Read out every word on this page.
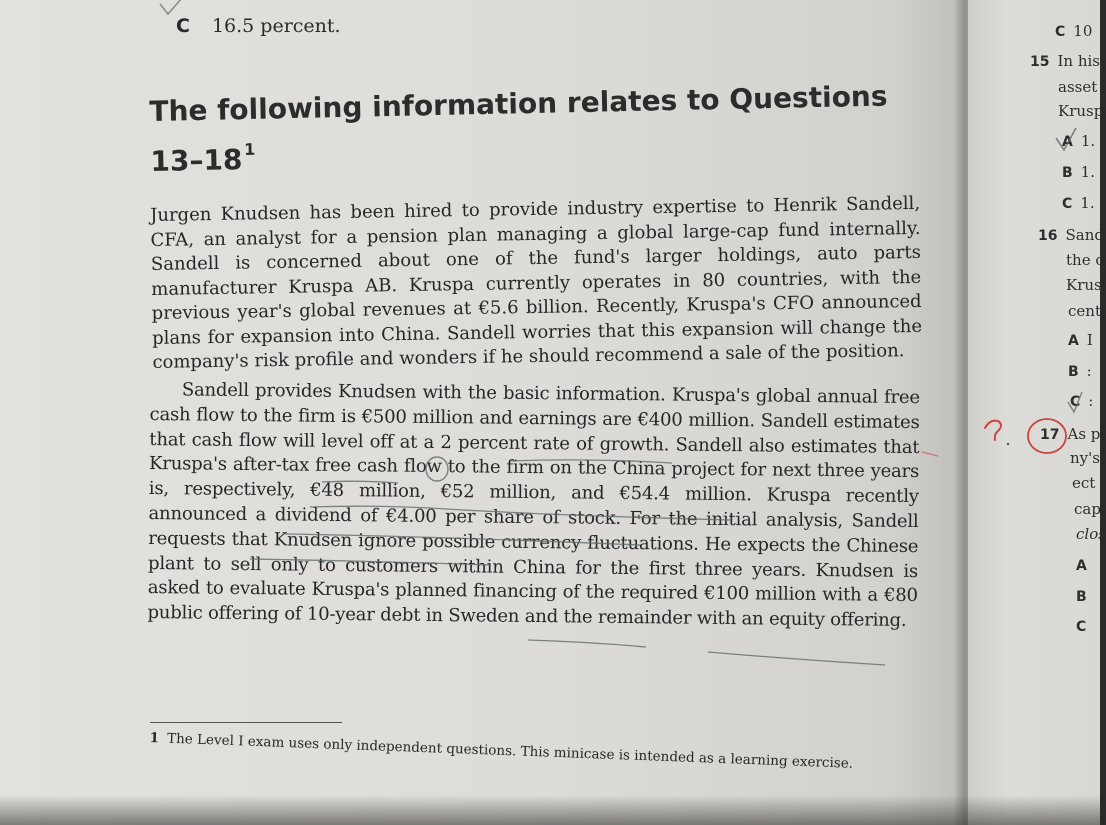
C 16.5 percent.
The following information relates to Questions
$13-18^1$

Jurgen Knudsen has been hired to provide industry expertise to Henrik Sandell, CFA, an analyst for a pension plan managing a global large-cap fund internally. Sandell is concerned about one of the fund's larger holdings, auto parts manufacturer Kruspa AB. Kruspa currently operates in 80 countries, with the previous year's global revenues at €5.6 billion. Recently, Kruspa's CFO announced plans for expansion into China. Sandell worries that this expansion will change the company's risk profile and wonders if he should recommend a sale of the position.

Sandell provides Knudsen with the basic information. Kruspa's global annual free cash flow to the firm is €500 million and earnings are €400 million. Sandell estimates that cash flow will level off at a 2 percent rate of growth. Sandell also estimates that Kruspa's after-tax free cash flow to the firm on the China project for next three years is, respectively, €48 million, €52 million, and €54.4 million. Kruspa recently announced a dividend of €4.00 per share of stock. For the initial analysis, Sandell requests that Knudsen ignore possible currency fluctuations. He expects the Chinese plant to sell only to customers within China for the first three years. Knudsen is asked to evaluate Kruspa's planned financing of the required €100 million with a €80 public offering of 10-year debt in Sweden and the remainder with an equity offering.

1 The Level I exam uses only independent questions. This minicase is intended as a learning exercise.
C 10
15 In his
asset
Krusp
A 1.
B 1.
C 1.
16 Sand
the c
Krus
cent
A I
B :
C :
17 As p
ny's
ect
cap
clos
A
B
C
